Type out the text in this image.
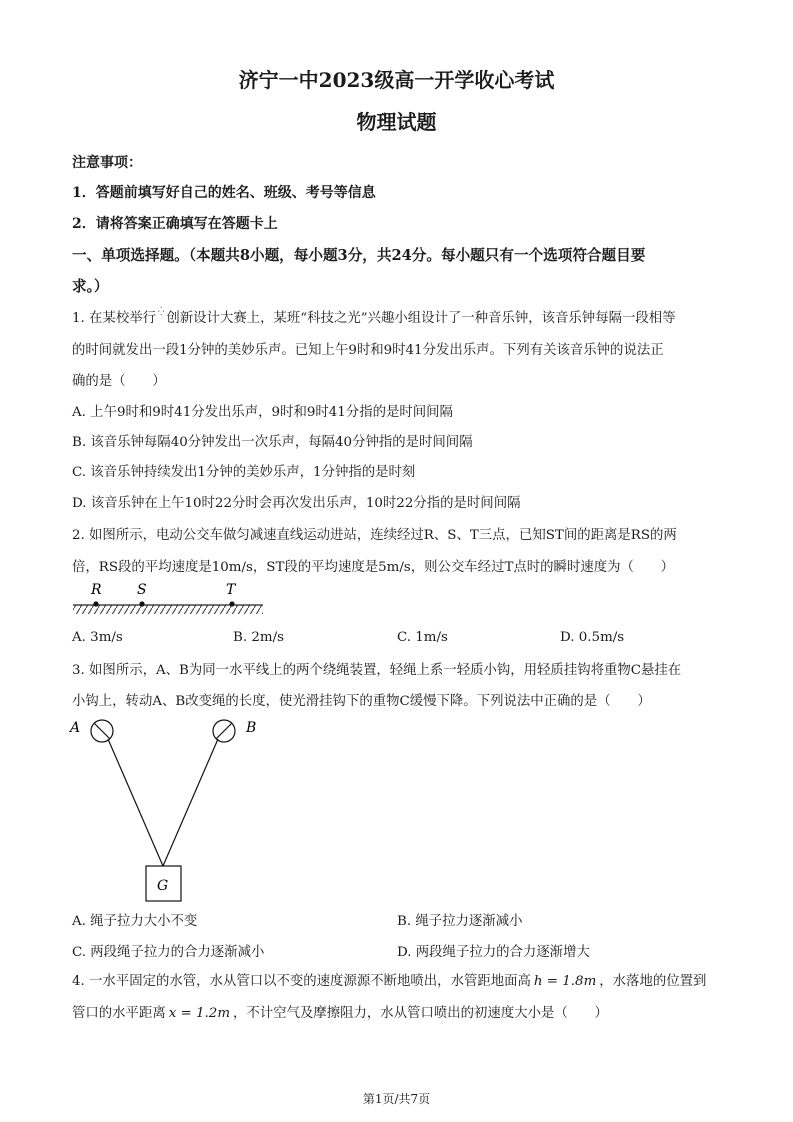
济宁一中2023级高一开学收心考试
物理试题
注意事项：
1．答题前填写好自己的姓名、班级、考号等信息
2．请将答案正确填写在答题卡上
一、单项选择题。（本题共8小题，每小题3分，共24分。每小题只有一个选项符合题目要
求。）
1. 在某校举行 ⁛ 创新设计大赛上，某班“科技之光”兴趣小组设计了一种音乐钟，该音乐钟每隔一段相等
的时间就发出一段1分钟的美妙乐声。已知上午9时和9时41分发出乐声。下列有关该音乐钟的说法正
确的是（　　）
A. 上午9时和9时41分发出乐声，9时和9时41分指的是时间间隔
B. 该音乐钟每隔40分钟发出一次乐声，每隔40分钟指的是时间间隔
C. 该音乐钟持续发出1分钟的美妙乐声，1分钟指的是时刻
D. 该音乐钟在上午10时22分时会再次发出乐声，10时22分指的是时间间隔
2. 如图所示，电动公交车做匀减速直线运动进站，连续经过R、S、T三点，已知ST间的距离是RS的两
倍，RS段的平均速度是10m/s，ST段的平均速度是5m/s，则公交车经过T点时的瞬时速度为（　　）
R	S	T
A. 3m/s	B. 2m/s	C. 1m/s	D. 0.5m/s
3. 如图所示，A、B为同一水平线上的两个绕绳装置，轻绳上系一轻质小钩，用轻质挂钩将重物C悬挂在
小钩上，转动A、B改变绳的长度，使光滑挂钩下的重物C缓慢下降。下列说法中正确的是（　　）
A	B
G
A. 绳子拉力大小不变	B. 绳子拉力逐渐减小
C. 两段绳子拉力的合力逐渐减小	D. 两段绳子拉力的合力逐渐增大
4. 一水平固定的水管，水从管口以不变的速度源源不断地喷出，水管距地面高 h = 1.8m ，水落地的位置到
管口的水平距离 x = 1.2m ，不计空气及摩擦阻力，水从管口喷出的初速度大小是（　　）
第1页/共7页
